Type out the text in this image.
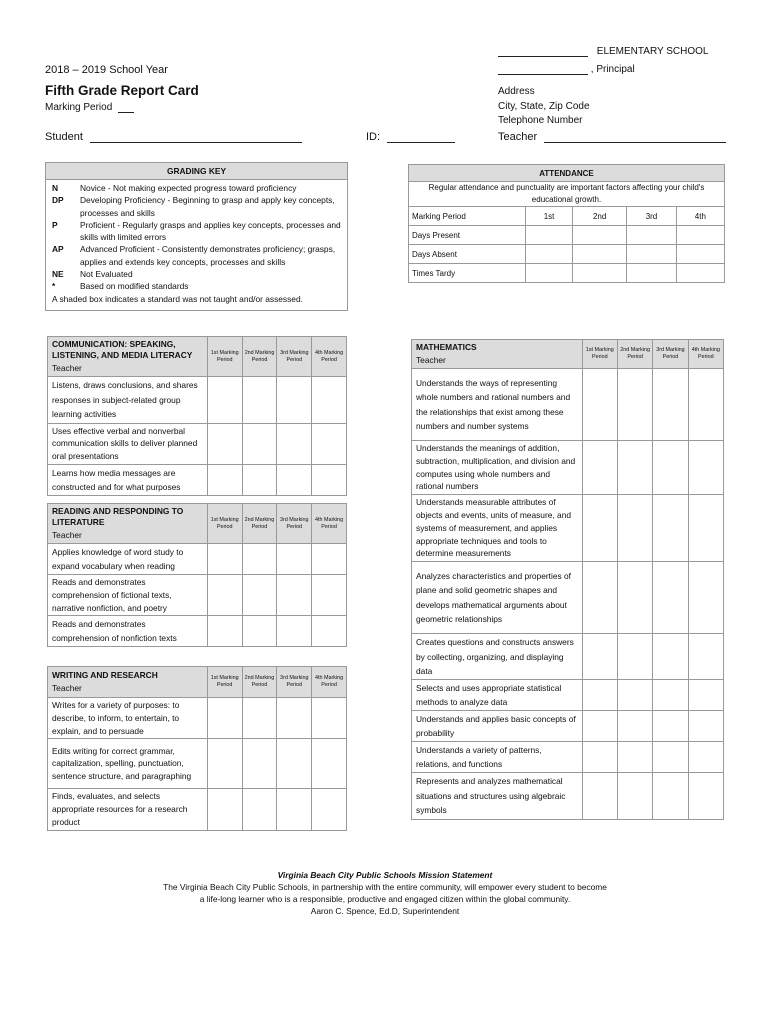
ELEMENTARY SCHOOL
, Principal
2018 – 2019 School Year
Fifth Grade Report Card
Marking Period
Address
City, State, Zip Code
Telephone Number
Student	ID:	Teacher
GRADING KEY
N	Novice - Not making expected progress toward proficiency
DP	Developing Proficiency - Beginning to grasp and apply key concepts, processes and skills
P	Proficient - Regularly grasps and applies key concepts, processes and skills with limited errors
AP	Advanced Proficient - Consistently demonstrates proficiency; grasps, applies and extends key concepts, processes and skills
NE	Not Evaluated
*	Based on modified standards
A shaded box indicates a standard was not taught and/or assessed.
ATTENDANCE				
Regular attendance and punctuality are important factors affecting your child's educational growth.				
Marking Period	1st	2nd	3rd	4th
Days Present				
Days Absent				
Times Tardy				
COMMUNICATION: SPEAKING, LISTENING, AND MEDIA LITERACY
Teacher	1st Marking Period	2nd Marking Period	3rd Marking Period	4th Marking Period
Listens, draws conclusions, and shares responses in subject-related group learning activities				
Uses effective verbal and nonverbal communication skills to deliver planned oral presentations				
Learns how media messages are constructed and for what purposes				
READING AND RESPONDING TO LITERATURE
Teacher	1st Marking Period	2nd Marking Period	3rd Marking Period	4th Marking Period
Applies knowledge of word study to expand vocabulary when reading				
Reads and demonstrates comprehension of fictional texts, narrative nonfiction, and poetry				
Reads and demonstrates comprehension of nonfiction texts				
WRITING AND RESEARCH
Teacher	1st Marking Period	2nd Marking Period	3rd Marking Period	4th Marking Period
Writes for a variety of purposes: to describe, to inform, to entertain, to explain, and to persuade				
Edits writing for correct grammar, capitalization, spelling, punctuation, sentence structure, and paragraphing				
Finds, evaluates, and selects appropriate resources for a research product				
MATHEMATICS
Teacher	1st Marking Period	2nd Marking Period	3rd Marking Period	4th Marking Period
Understands the ways of representing whole numbers and rational numbers and the relationships that exist among these numbers and number systems				
Understands the meanings of addition, subtraction, multiplication, and division and computes using whole numbers and rational numbers				
Understands measurable attributes of objects and events, units of measure, and systems of measurement, and applies appropriate techniques and tools to determine measurements				
Analyzes characteristics and properties of plane and solid geometric shapes and develops mathematical arguments about geometric relationships				
Creates questions and constructs answers by collecting, organizing, and displaying data				
Selects and uses appropriate statistical methods to analyze data				
Understands and applies basic concepts of probability				
Understands a variety of patterns, relations, and functions				
Represents and analyzes mathematical situations and structures using algebraic symbols				
Virginia Beach City Public Schools Mission Statement
The Virginia Beach City Public Schools, in partnership with the entire community, will empower every student to become
a life-long learner who is a responsible, productive and engaged citizen within the global community.
Aaron C. Spence, Ed.D, Superintendent
